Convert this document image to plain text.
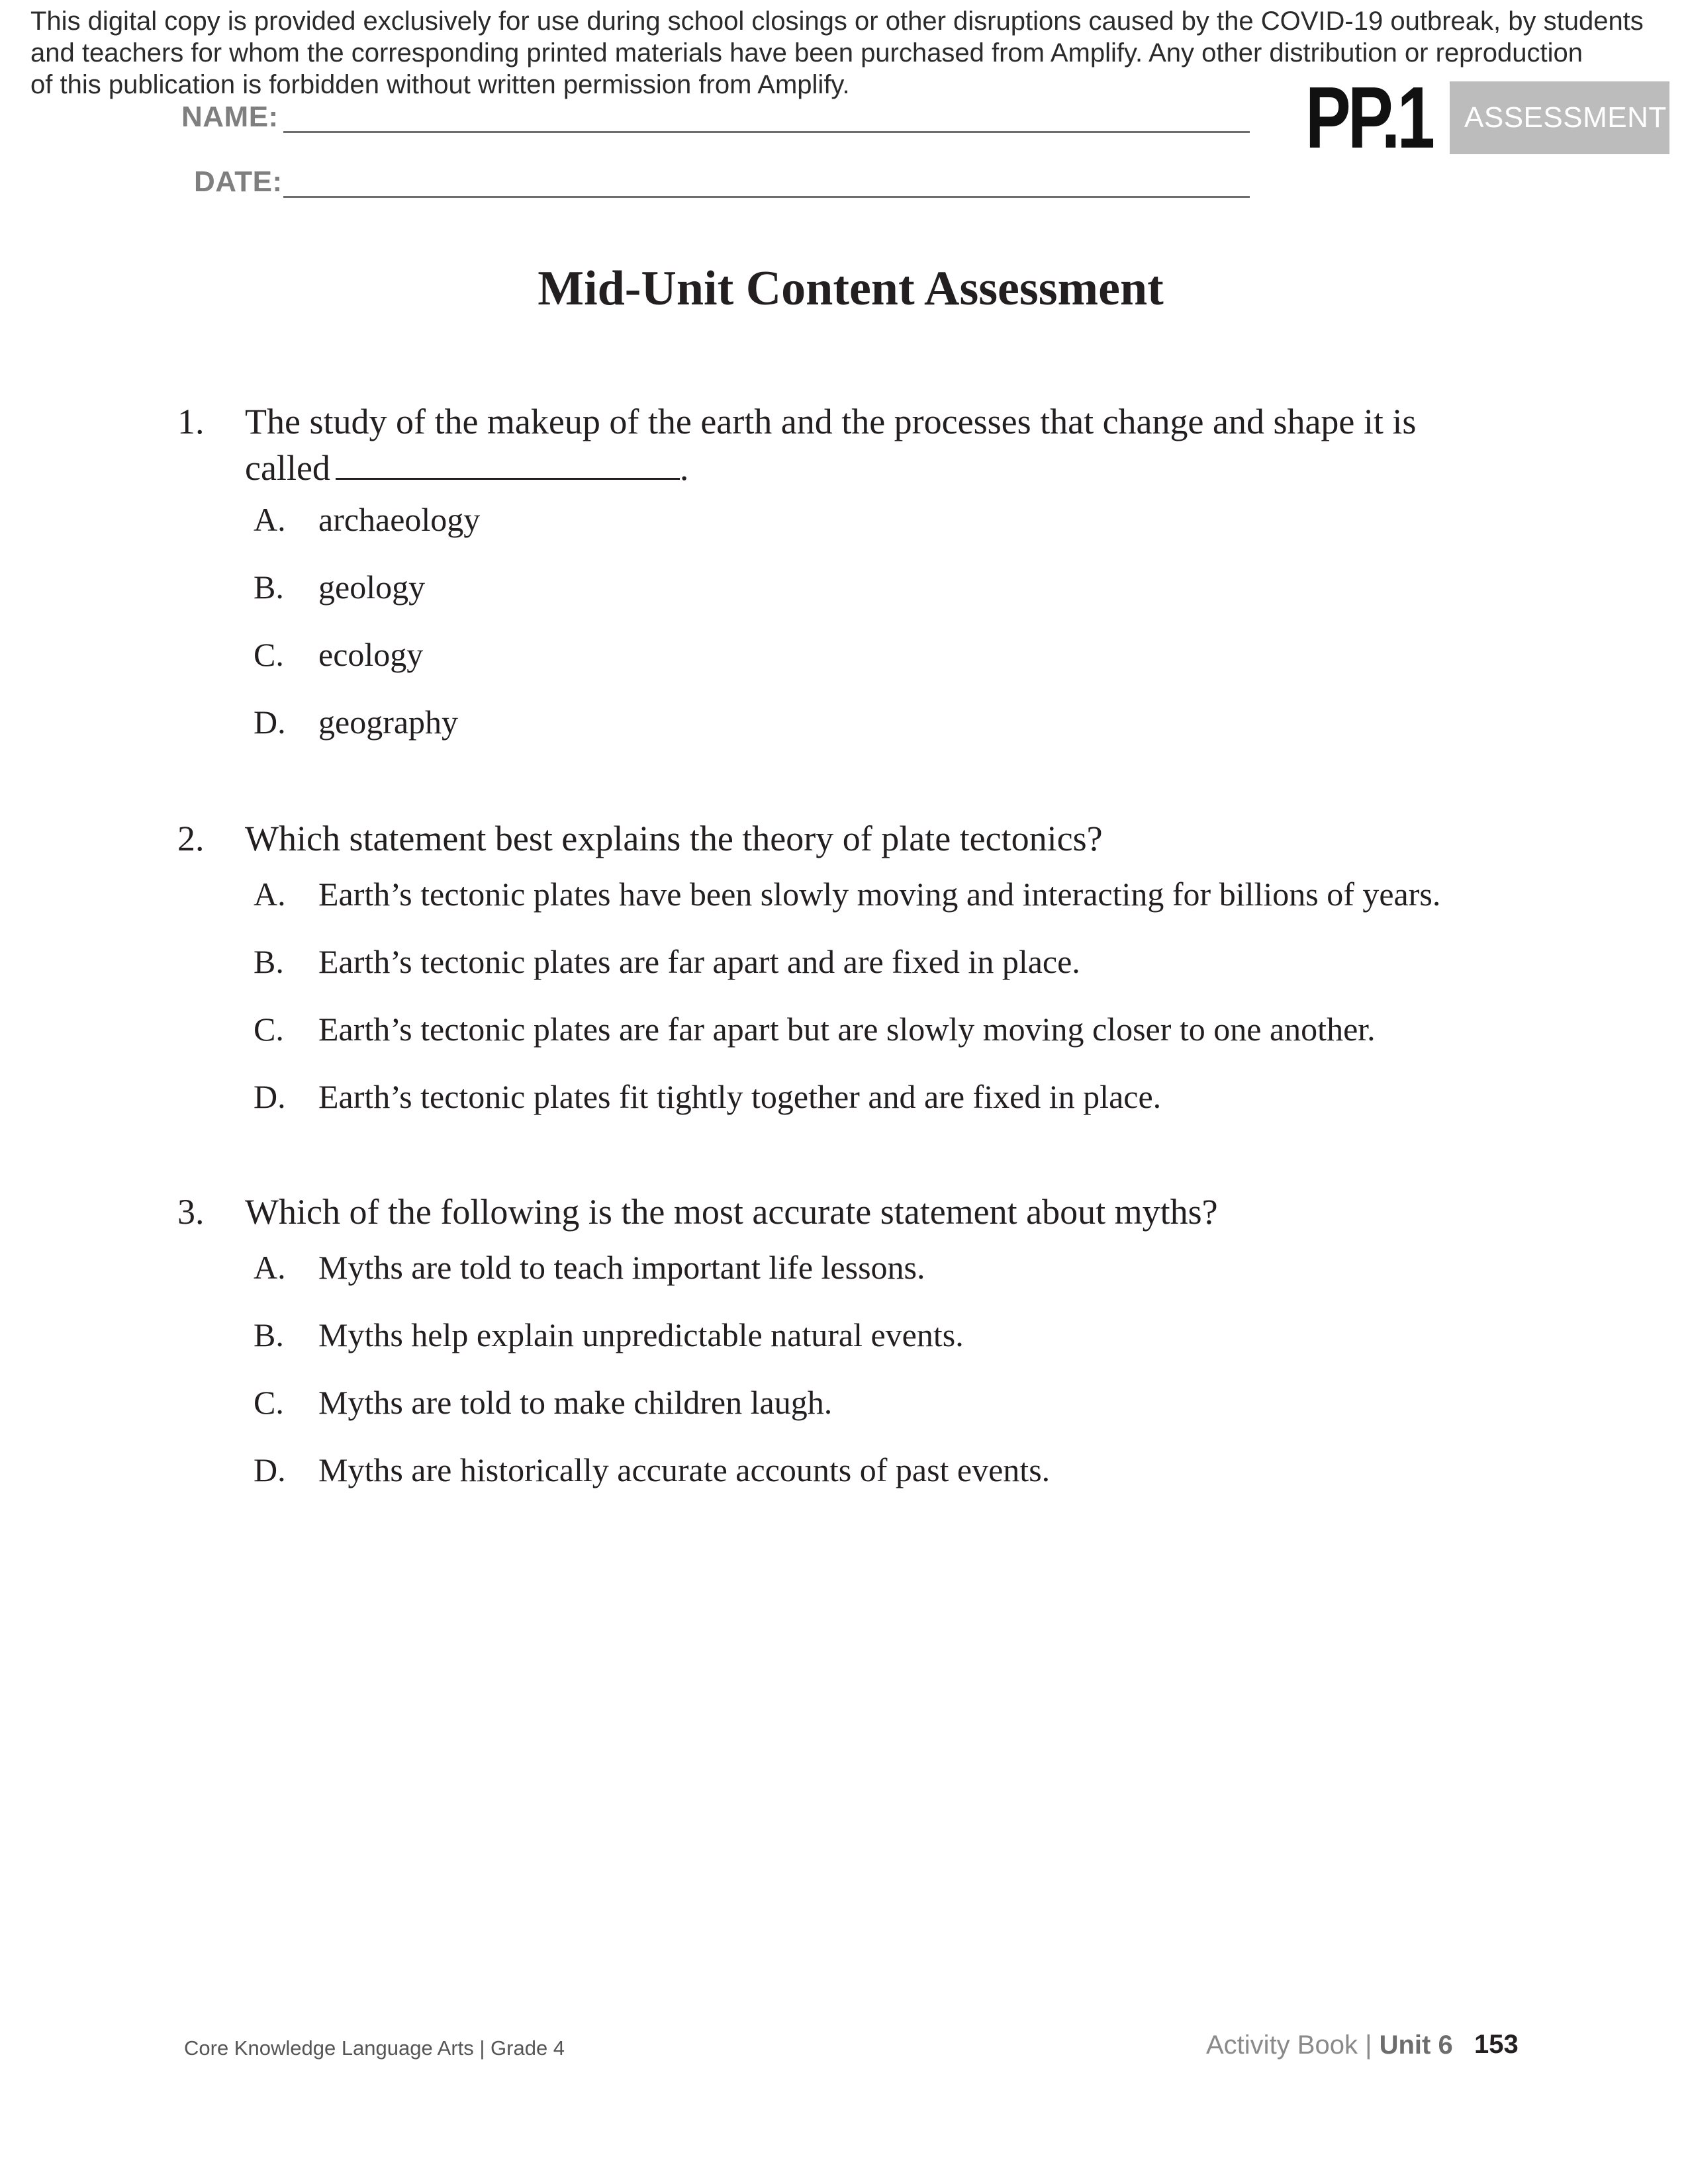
This digital copy is provided exclusively for use during school closings or other disruptions caused by the COVID-19 outbreak, by students
and teachers for whom the corresponding printed materials have been purchased from Amplify. Any other distribution or reproduction
of this publication is forbidden without written permission from Amplify.
NAME:
DATE:
PP.1	ASSESSMENT
Mid-Unit Content Assessment
1. The study of the makeup of the earth and the processes that change and shape it is called	.
A. archaeology
B. geology
C. ecology
D. geography
2. Which statement best explains the theory of plate tectonics?
A. Earth’s tectonic plates have been slowly moving and interacting for billions of years.
B. Earth’s tectonic plates are far apart and are fixed in place.
C. Earth’s tectonic plates are far apart but are slowly moving closer to one another.
D. Earth’s tectonic plates fit tightly together and are fixed in place.
3. Which of the following is the most accurate statement about myths?
A. Myths are told to teach important life lessons.
B. Myths help explain unpredictable natural events.
C. Myths are told to make children laugh.
D. Myths are historically accurate accounts of past events.
Core Knowledge Language Arts | Grade 4	Activity Book | Unit 6 153
